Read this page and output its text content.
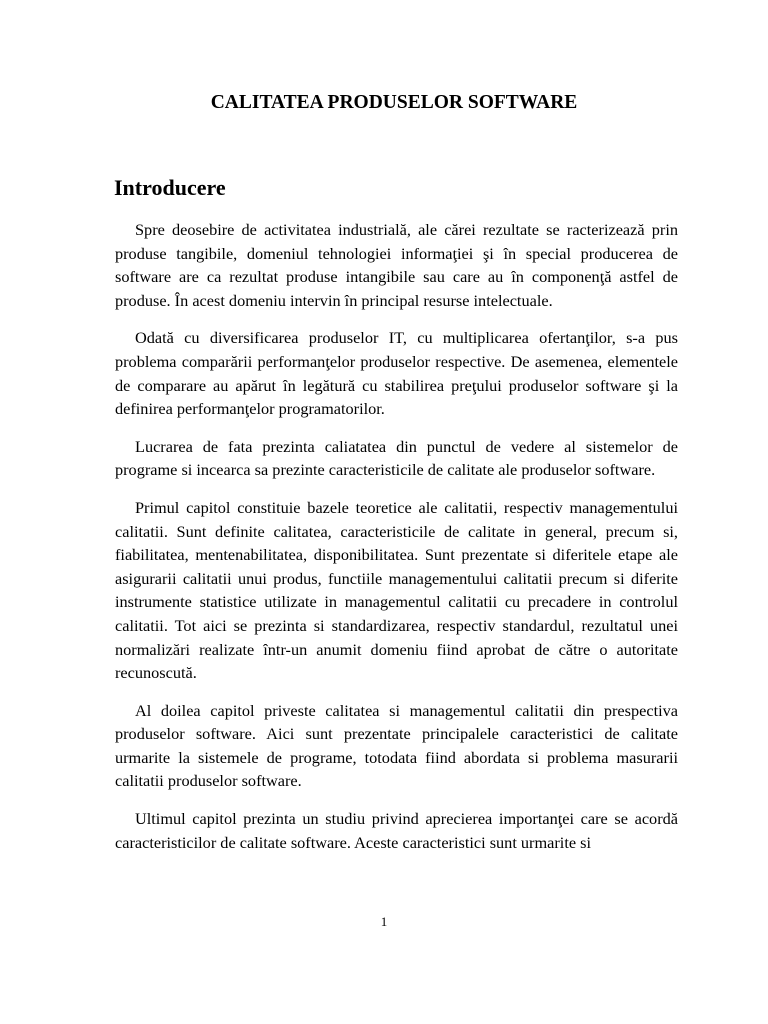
CALITATEA PRODUSELOR SOFTWARE
Introducere

Spre deosebire de activitatea industrială, ale cărei rezultate se racterizează prin produse tangibile, domeniul tehnologiei informaţiei şi în special producerea de software are ca rezultat produse intangibile sau care au în componenţă astfel de produse. În acest domeniu intervin în principal resurse intelectuale.

Odată cu diversificarea produselor IT, cu multiplicarea ofertanţilor, s-a pus problema comparării performanţelor produselor respective. De asemenea, elementele de comparare au apărut în legătură cu stabilirea preţului produselor software şi la definirea performanţelor programatorilor.

Lucrarea de fata prezinta caliatatea din punctul de vedere al sistemelor de programe si incearca sa prezinte caracteristicile de calitate ale produselor software.

Primul capitol constituie bazele teoretice ale calitatii, respectiv managementului calitatii. Sunt definite calitatea, caracteristicile de calitate in general, precum si, fiabilitatea, mentenabilitatea, disponibilitatea. Sunt prezentate si diferitele etape ale asigurarii calitatii unui produs, functiile managementului calitatii precum si diferite instrumente statistice utilizate in managementul calitatii cu precadere in controlul calitatii. Tot aici se prezinta si standardizarea, respectiv standardul, rezultatul unei normalizări realizate într-un anumit domeniu fiind aprobat de către o autoritate recunoscută.

Al doilea capitol priveste calitatea si managementul calitatii din prespectiva produselor software. Aici sunt prezentate principalele caracteristici de calitate urmarite la sistemele de programe, totodata fiind abordata si problema masurarii calitatii produselor software.

Ultimul capitol prezinta un studiu privind aprecierea importanţei care se acordă caracteristicilor de calitate software. Aceste caracteristici sunt urmarite si

1
